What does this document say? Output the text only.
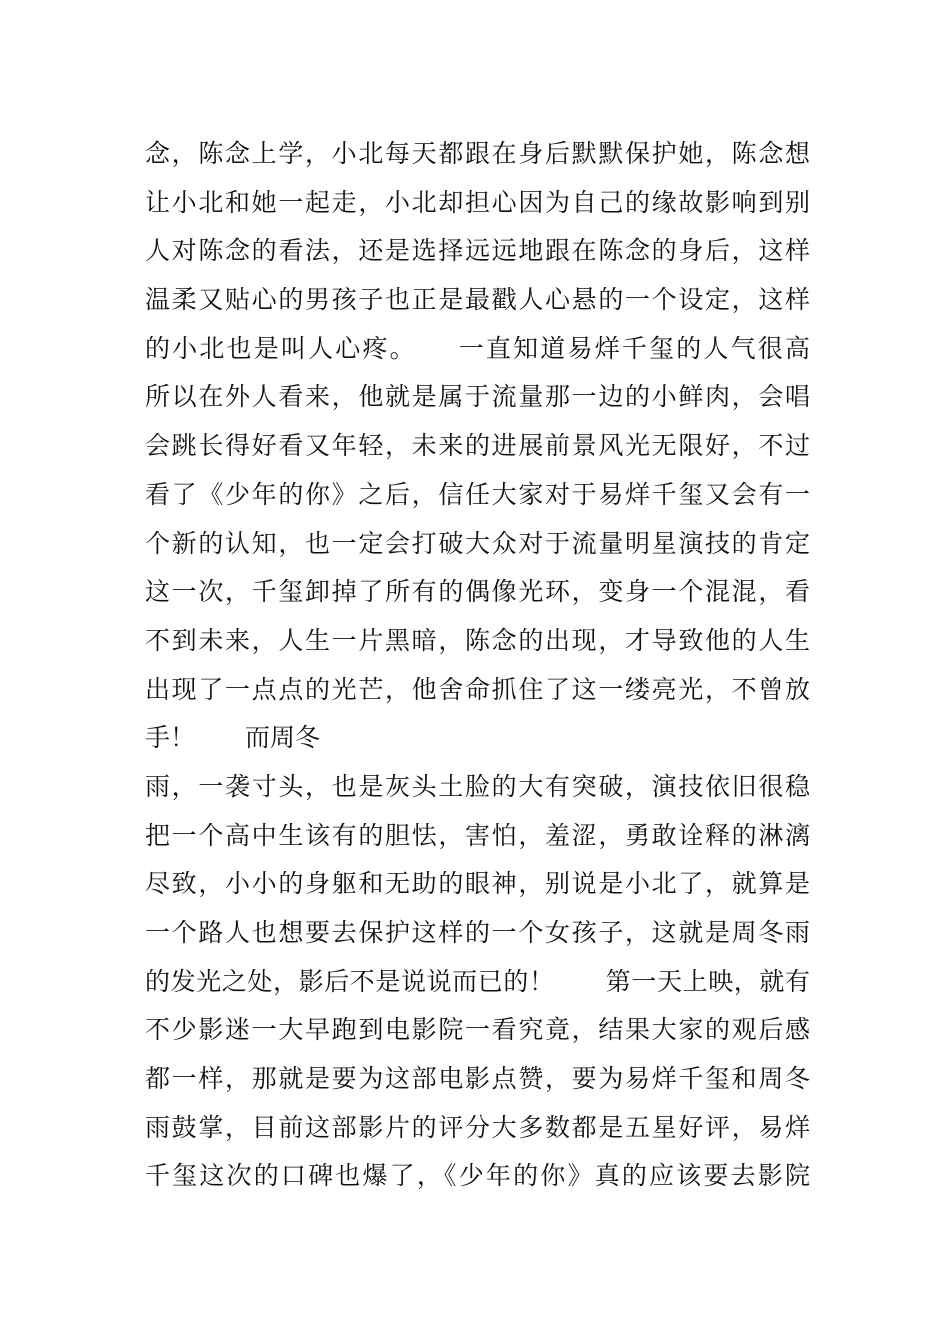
念，陈念上学，小北每天都跟在身后默默保护她，陈念想
让小北和她一起走，小北却担心因为自己的缘故影响到别
人对陈念的看法，还是选择远远地跟在陈念的身后，这样
温柔又贴心的男孩子也正是最戳人心悬的一个设定，这样
的小北也是叫人心疼。　　一直知道易烊千玺的人气很高
所以在外人看来，他就是属于流量那一边的小鲜肉，会唱
会跳长得好看又年轻，未来的进展前景风光无限好，不过
看了《少年的你》之后，信任大家对于易烊千玺又会有一
个新的认知，也一定会打破大众对于流量明星演技的肯定
这一次，千玺卸掉了所有的偶像光环，变身一个混混，看
不到未来，人生一片黑暗，陈念的出现，才导致他的人生
出现了一点点的光芒，他舍命抓住了这一缕亮光，不曾放
手！　　而周冬
雨，一袭寸头，也是灰头土脸的大有突破，演技依旧很稳
把一个高中生该有的胆怯，害怕，羞涩，勇敢诠释的淋漓
尽致，小小的身躯和无助的眼神，别说是小北了，就算是
一个路人也想要去保护这样的一个女孩子，这就是周冬雨
的发光之处，影后不是说说而已的！　　第一天上映，就有
不少影迷一大早跑到电影院一看究竟，结果大家的观后感
都一样，那就是要为这部电影点赞，要为易烊千玺和周冬
雨鼓掌，目前这部影片的评分大多数都是五星好评，易烊
千玺这次的口碑也爆了，《少年的你》真的应该要去影院
